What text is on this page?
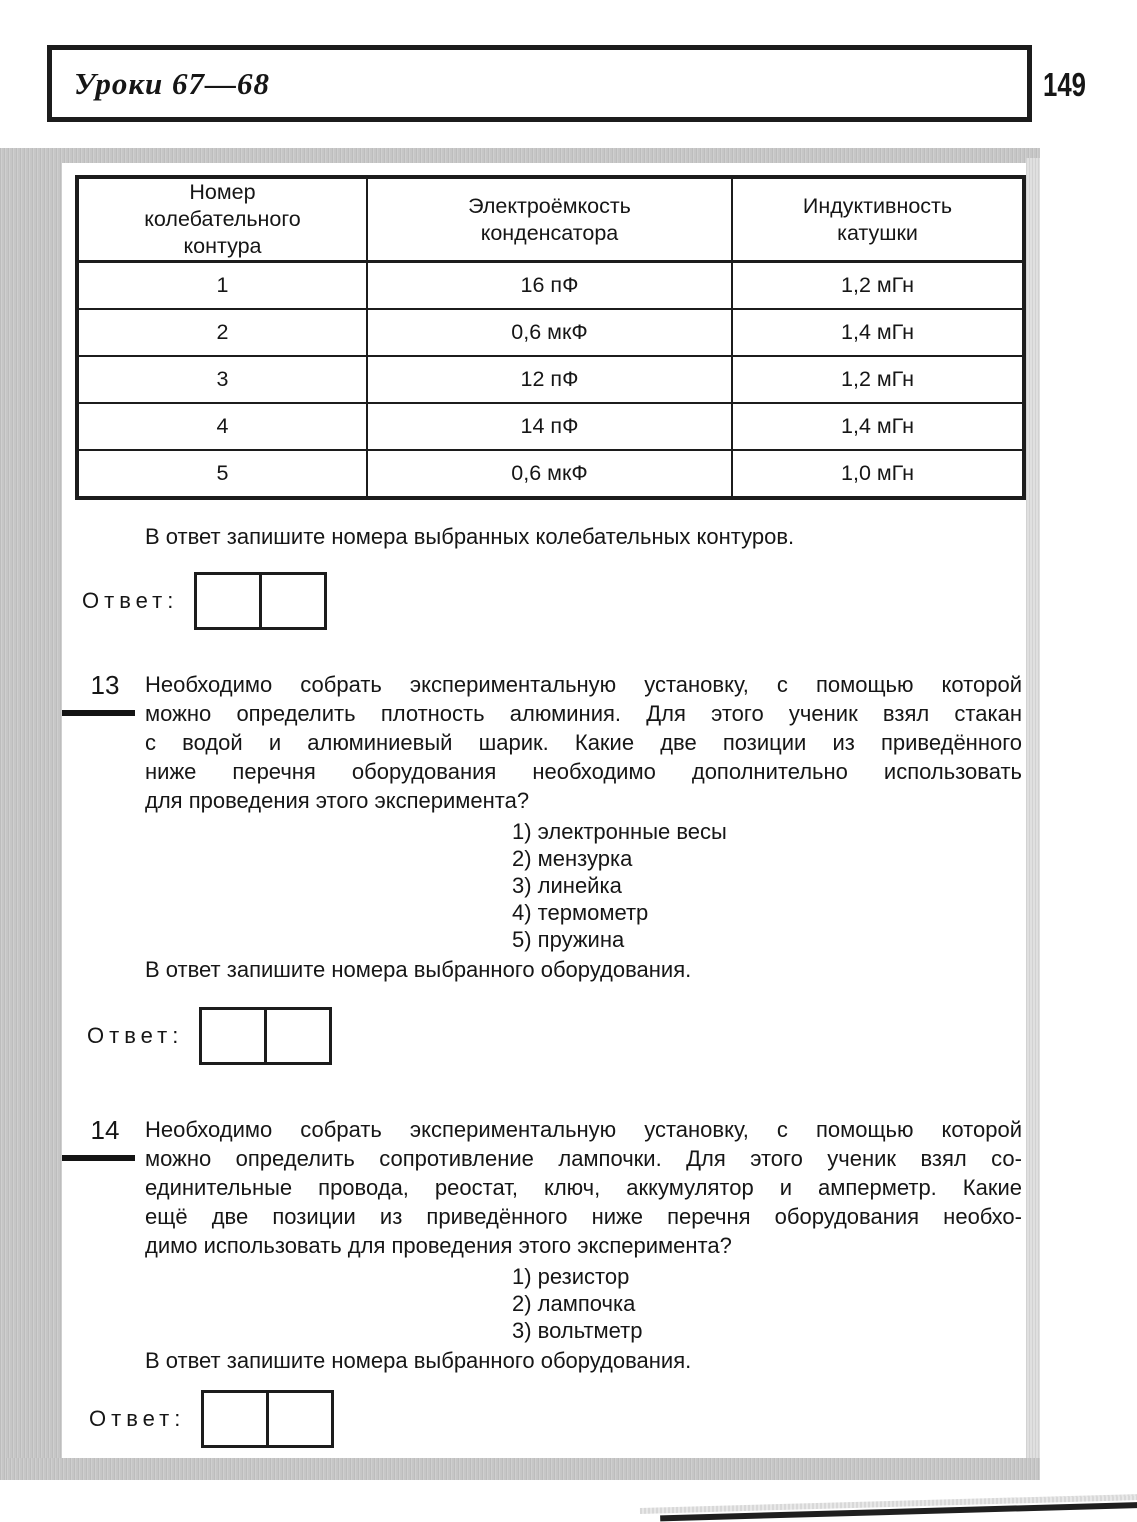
Уроки 67—68	149
Номер колебательного контура	Электроёмкость конденсатора	Индуктивность катушки
1	16 пФ	1,2 мГн
2	0,6 мкФ	1,4 мГн
3	12 пФ	1,2 мГн
4	14 пФ	1,4 мГн
5	0,6 мкФ	1,0 мГн

В ответ запишите номера выбранных колебательных контуров.

Ответ:
13	Необходимо собрать экспериментальную установку, с помощью которой
можно определить плотность алюминия. Для этого ученик взял стакан
с водой и алюминиевый шарик. Какие две позиции из приведённого
ниже перечня оборудования необходимо дополнительно использовать
для проведения этого эксперимента?
1) электронные весы
2) мензурка
3) линейка
4) термометр
5) пружина

В ответ запишите номера выбранного оборудования.

Ответ:
14	Необходимо собрать экспериментальную установку, с помощью которой
можно определить сопротивление лампочки. Для этого ученик взял со-
единительные провода, реостат, ключ, аккумулятор и амперметр. Какие
ещё две позиции из приведённого ниже перечня оборудования необхо-
димо использовать для проведения этого эксперимента?
1) резистор
2) лампочка
3) вольтметр

В ответ запишите номера выбранного оборудования.

Ответ:
